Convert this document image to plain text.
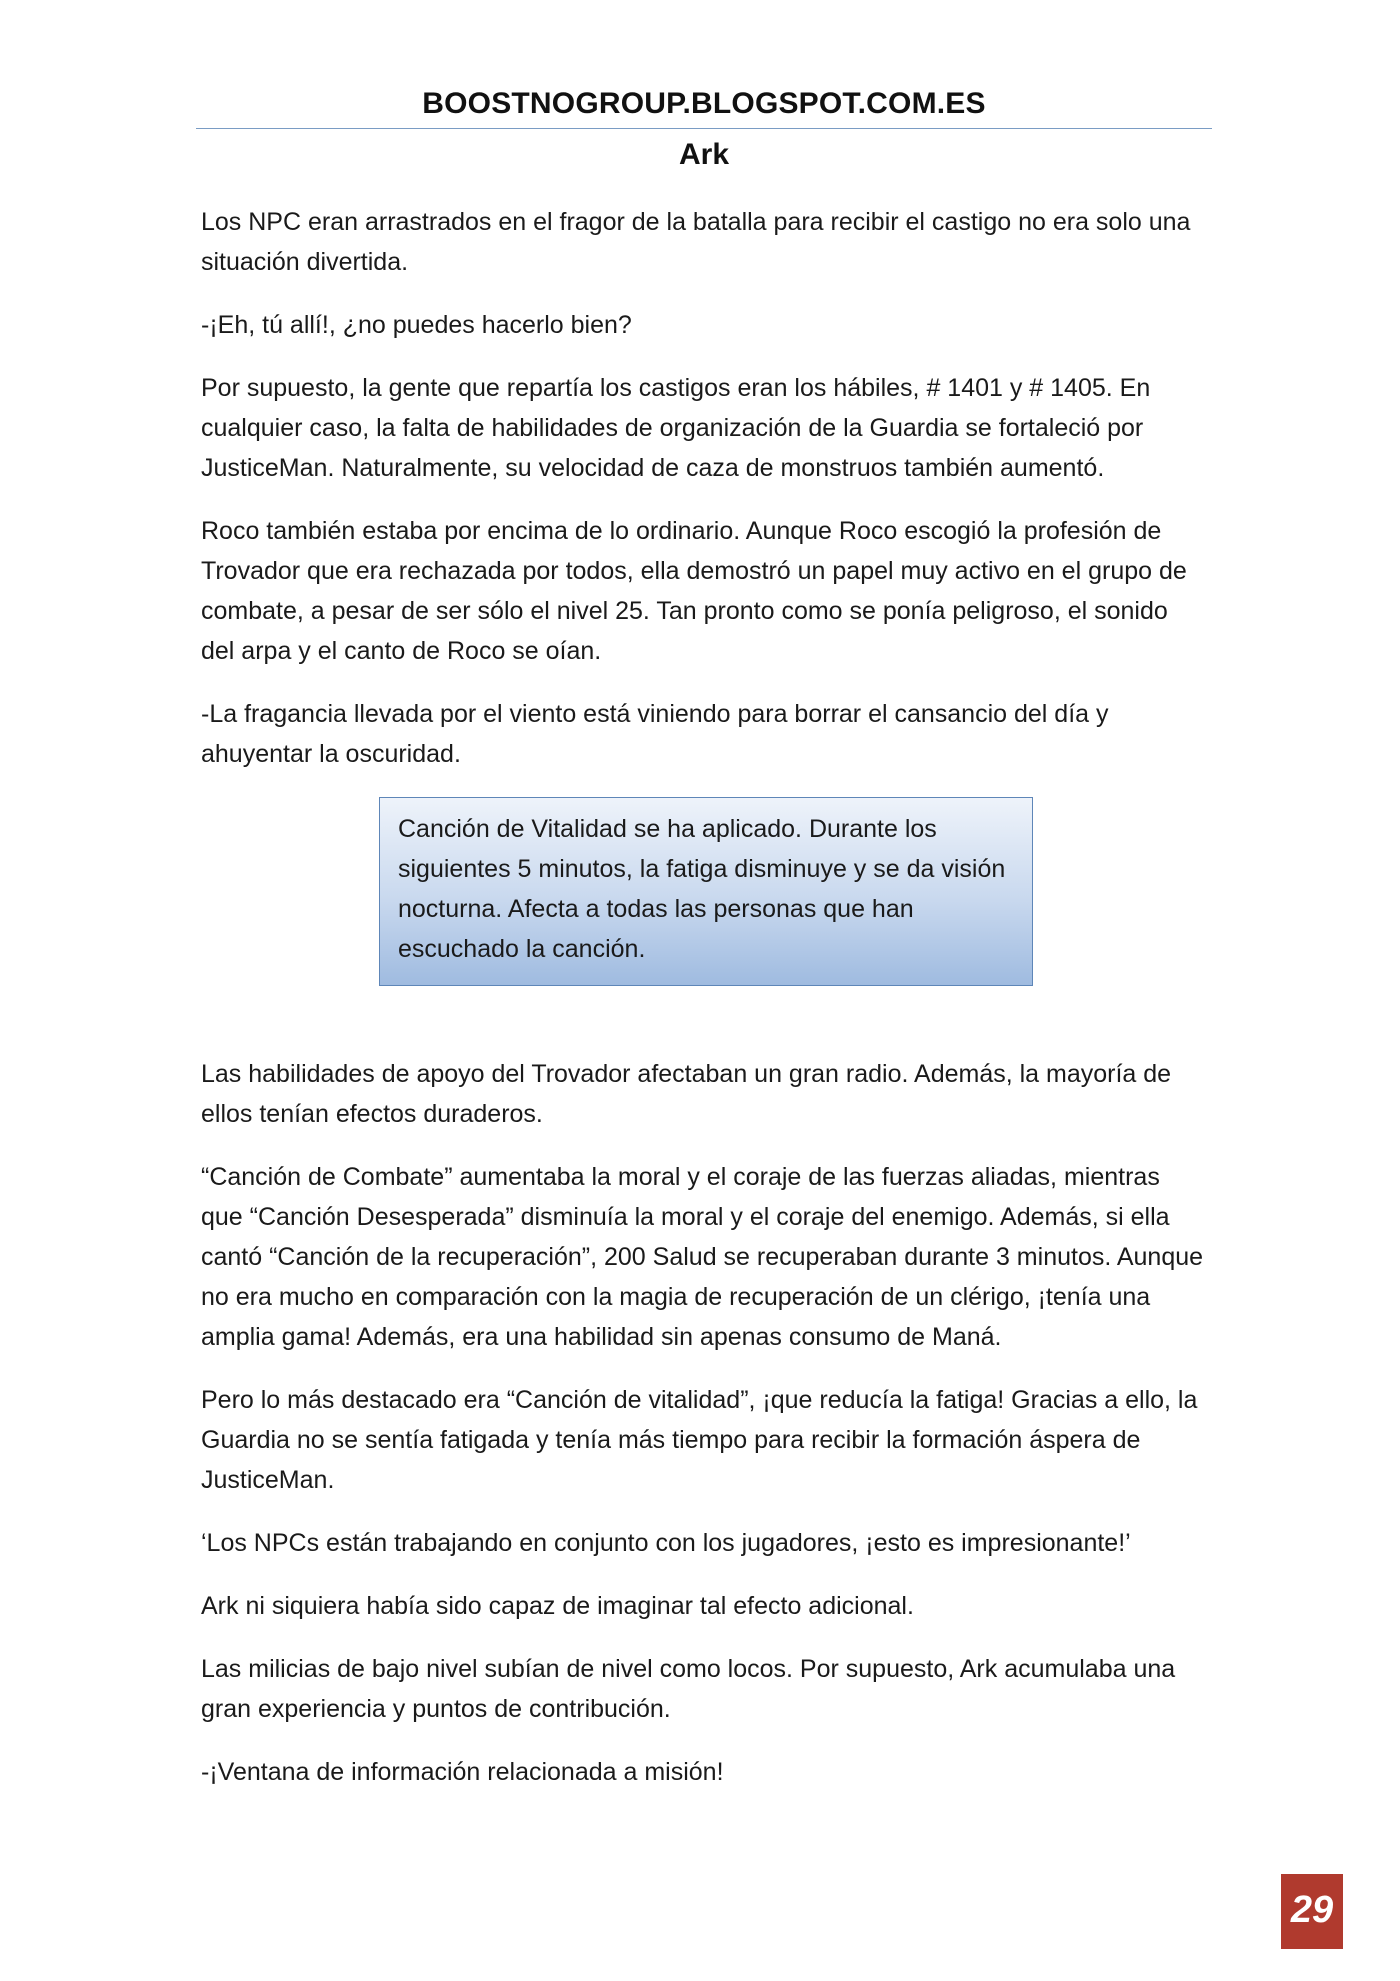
BOOSTNOGROUP.BLOGSPOT.COM.ES
Ark

Los NPC eran arrastrados en el fragor de la batalla para recibir el castigo no era solo una situación divertida.

-¡Eh, tú allí!, ¿no puedes hacerlo bien?

Por supuesto, la gente que repartía los castigos eran los hábiles, # 1401 y # 1405. En cualquier caso, la falta de habilidades de organización de la Guardia se fortaleció por JusticeMan. Naturalmente, su velocidad de caza de monstruos también aumentó.

Roco también estaba por encima de lo ordinario. Aunque Roco escogió la profesión de Trovador que era rechazada por todos, ella demostró un papel muy activo en el grupo de combate, a pesar de ser sólo el nivel 25. Tan pronto como se ponía peligroso, el sonido del arpa y el canto de Roco se oían.

-La fragancia llevada por el viento está viniendo para borrar el cansancio del día y ahuyentar la oscuridad.

Canción de Vitalidad se ha aplicado. Durante los siguientes 5 minutos, la fatiga disminuye y se da visión nocturna. Afecta a todas las personas que han escuchado la canción.

Las habilidades de apoyo del Trovador afectaban un gran radio. Además, la mayoría de ellos tenían efectos duraderos.

“Canción de Combate” aumentaba la moral y el coraje de las fuerzas aliadas, mientras que “Canción Desesperada” disminuía la moral y el coraje del enemigo. Además, si ella cantó “Canción de la recuperación”, 200 Salud se recuperaban durante 3 minutos. Aunque no era mucho en comparación con la magia de recuperación de un clérigo, ¡tenía una amplia gama! Además, era una habilidad sin apenas consumo de Maná.

Pero lo más destacado era “Canción de vitalidad”, ¡que reducía la fatiga! Gracias a ello, la Guardia no se sentía fatigada y tenía más tiempo para recibir la formación áspera de JusticeMan.

‘Los NPCs están trabajando en conjunto con los jugadores, ¡esto es impresionante!’

Ark ni siquiera había sido capaz de imaginar tal efecto adicional.

Las milicias de bajo nivel subían de nivel como locos. Por supuesto, Ark acumulaba una gran experiencia y puntos de contribución.

-¡Ventana de información relacionada a misión!

29
